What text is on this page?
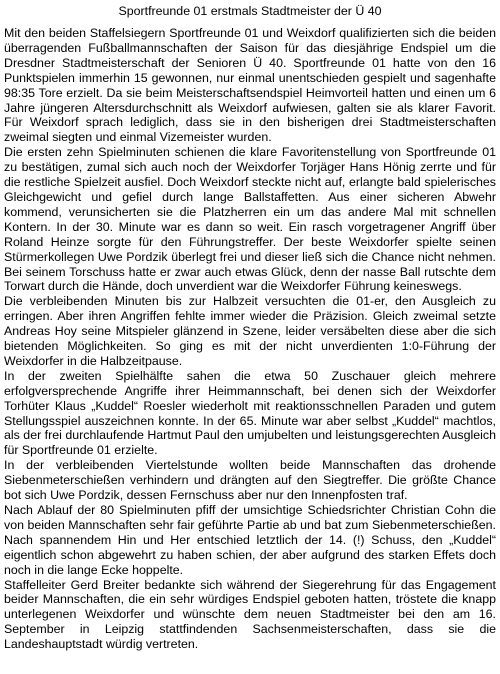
Sportfreunde 01 erstmals Stadtmeister der Ü 40

Mit den beiden Staffelsiegern Sportfreunde 01 und Weixdorf qualifizierten sich die beiden überragenden Fußballmannschaften der Saison für das diesjährige Endspiel um die Dresdner Stadtmeisterschaft der Senioren Ü 40. Sportfreunde 01 hatte von den 16 Punktspielen immerhin 15 gewonnen, nur einmal unentschieden gespielt und sagenhafte 98:35 Tore erzielt. Da sie beim Meisterschaftsendspiel Heimvorteil hatten und einen um 6 Jahre jüngeren Altersdurchschnitt als Weixdorf aufwiesen, galten sie als klarer Favorit. Für Weixdorf sprach lediglich, dass sie in den bisherigen drei Stadtmeisterschaften zweimal siegten und einmal Vizemeister wurden.

Die ersten zehn Spielminuten schienen die klare Favoritenstellung von Sportfreunde 01 zu bestätigen, zumal sich auch noch der Weixdorfer Torjäger Hans Hönig zerrte und für die restliche Spielzeit ausfiel. Doch Weixdorf steckte nicht auf, erlangte bald spielerisches Gleichgewicht und gefiel durch lange Ballstaffetten. Aus einer sicheren Abwehr kommend, verunsicherten sie die Platzherren ein um das andere Mal mit schnellen Kontern. In der 30. Minute war es dann so weit. Ein rasch vorgetragener Angriff über Roland Heinze sorgte für den Führungstreffer. Der beste Weixdorfer spielte seinen Stürmerkollegen Uwe Pordzik überlegt frei und dieser ließ sich die Chance nicht nehmen. Bei seinem Torschuss hatte er zwar auch etwas Glück, denn der nasse Ball rutschte dem Torwart durch die Hände, doch unverdient war die Weixdorfer Führung keineswegs.

Die verbleibenden Minuten bis zur Halbzeit versuchten die 01-er, den Ausgleich zu erringen. Aber ihren Angriffen fehlte immer wieder die Präzision. Gleich zweimal setzte Andreas Hoy seine Mitspieler glänzend in Szene, leider versäbelten diese aber die sich bietenden Möglichkeiten. So ging es mit der nicht unverdienten 1:0-Führung der Weixdorfer in die Halbzeitpause.

In der zweiten Spielhälfte sahen die etwa 50 Zuschauer gleich mehrere erfolgversprechende Angriffe ihrer Heimmannschaft, bei denen sich der Weixdorfer Torhüter Klaus „Kuddel“ Roesler wiederholt mit reaktionsschnellen Paraden und gutem Stellungsspiel auszeichnen konnte. In der 65. Minute war aber selbst „Kuddel“ machtlos, als der frei durchlaufende Hartmut Paul den umjubelten und leistungsgerechten Ausgleich für Sportfreunde 01 erzielte.

In der verbleibenden Viertelstunde wollten beide Mannschaften das drohende Siebenmeterschießen verhindern und drängten auf den Siegtreffer. Die größte Chance bot sich Uwe Pordzik, dessen Fernschuss aber nur den Innenpfosten traf.

Nach Ablauf der 80 Spielminuten pfiff der umsichtige Schiedsrichter Christian Cohn die von beiden Mannschaften sehr fair geführte Partie ab und bat zum Siebenmeterschießen. Nach spannendem Hin und Her entschied letztlich der 14. (!) Schuss, den „Kuddel“ eigentlich schon abgewehrt zu haben schien, der aber aufgrund des starken Effets doch noch in die lange Ecke hoppelte.

Staffelleiter Gerd Breiter bedankte sich während der Siegerehrung für das Engagement beider Mannschaften, die ein sehr würdiges Endspiel geboten hatten, tröstete die knapp unterlegenen Weixdorfer und wünschte dem neuen Stadtmeister bei den am 16. September in Leipzig stattfindenden Sachsenmeisterschaften, dass sie die Landeshauptstadt würdig vertreten.
